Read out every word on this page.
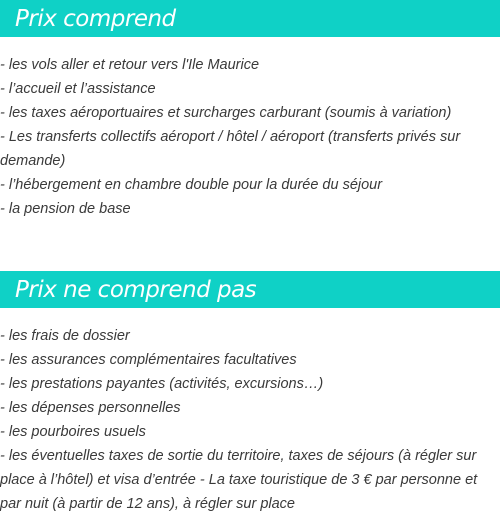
Prix comprend
- les vols aller et retour vers l'Ile Maurice
- l’accueil et l’assistance
- les taxes aéroportuaires et surcharges carburant (soumis à variation)
- Les transferts collectifs aéroport / hôtel / aéroport (transferts privés sur demande)
- l’hébergement en chambre double pour la durée du séjour
- la pension de base
Prix ne comprend pas
- les frais de dossier
- les assurances complémentaires facultatives
- les prestations payantes (activités, excursions…)
- les dépenses personnelles
- les pourboires usuels
- les éventuelles taxes de sortie du territoire, taxes de séjours (à régler sur place à l’hôtel) et visa d’entrée - La taxe touristique de 3 € par personne et par nuit (à partir de 12 ans), à régler sur place
